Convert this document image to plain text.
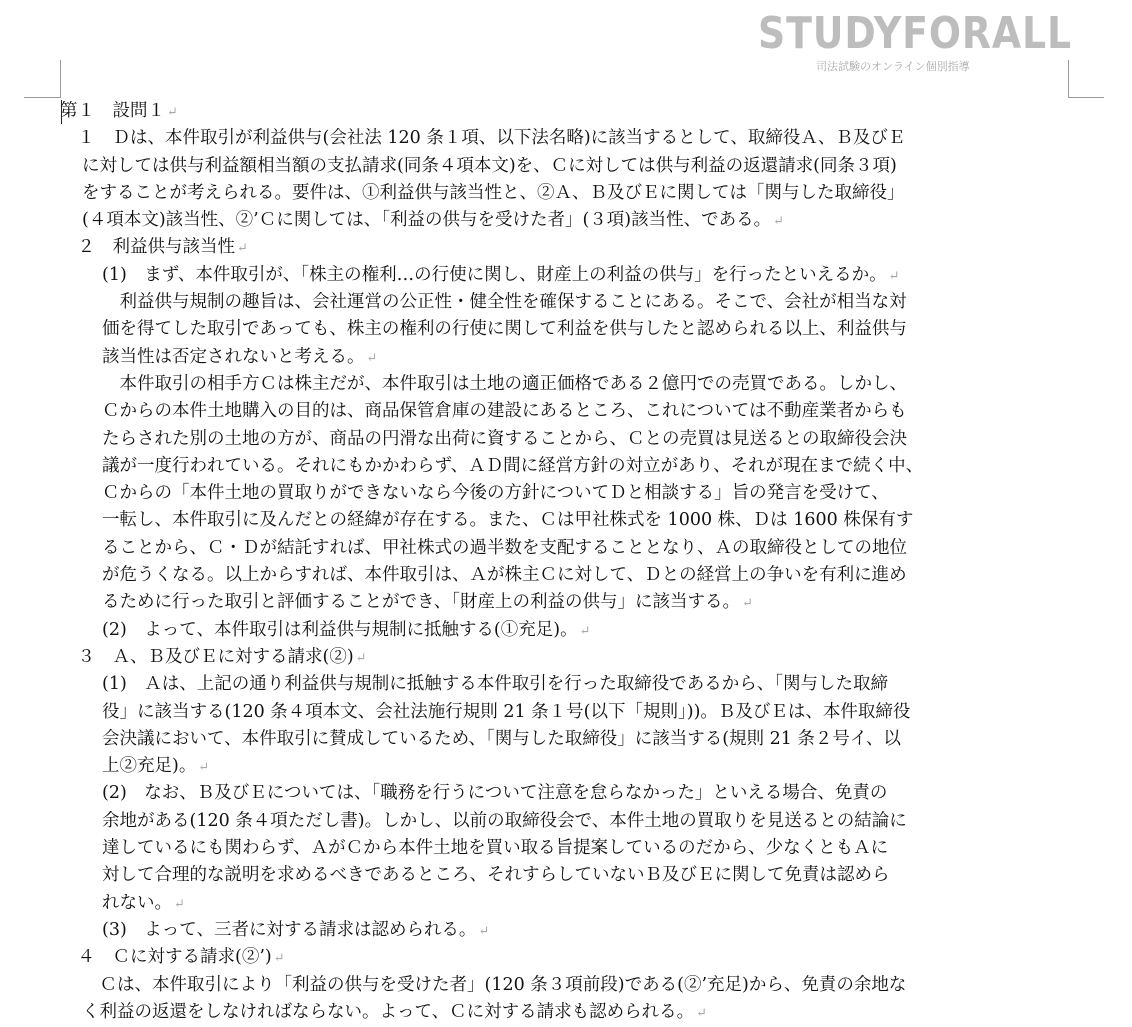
STUDYFORALL
司法試験のオンライン個別指導
第１　設問１ ↵
　１　Ｄは、本件取引が利益供与(会社法 120 条１項、以下法名略)に該当するとして、取締役Ａ、Ｂ及びＥ
に対しては供与利益額相当額の支払請求(同条４項本文)を、Ｃに対しては供与利益の返還請求(同条３項)
をすることが考えられる。要件は、①利益供与該当性と、②Ａ、Ｂ及びＥに関しては「関与した取締役」
(４項本文)該当性、②’Ｃに関しては、「利益の供与を受けた者」(３項)該当性、である。 ↵
　２　利益供与該当性 ↵
(1)　まず、本件取引が、「株主の権利…の行使に関し、財産上の利益の供与」を行ったといえるか。 ↵
　利益供与規制の趣旨は、会社運営の公正性・健全性を確保することにある。そこで、会社が相当な対
価を得てした取引であっても、株主の権利の行使に関して利益を供与したと認められる以上、利益供与
該当性は否定されないと考える。 ↵
　本件取引の相手方Ｃは株主だが、本件取引は土地の適正価格である２億円での売買である。しかし、
Ｃからの本件土地購入の目的は、商品保管倉庫の建設にあるところ、これについては不動産業者からも
たらされた別の土地の方が、商品の円滑な出荷に資することから、Ｃとの売買は見送るとの取締役会決
議が一度行われている。それにもかかわらず、ＡＤ間に経営方針の対立があり、それが現在まで続く中、
Ｃからの「本件土地の買取りができないなら今後の方針についてＤと相談する」旨の発言を受けて、
一転し、本件取引に及んだとの経緯が存在する。また、Ｃは甲社株式を 1000 株、Ｄは 1600 株保有す
ることから、Ｃ・Ｄが結託すれば、甲社株式の過半数を支配することとなり、Ａの取締役としての地位
が危うくなる。以上からすれば、本件取引は、Ａが株主Ｃに対して、Ｄとの経営上の争いを有利に進め
るために行った取引と評価することができ、「財産上の利益の供与」に該当する。 ↵
(2)　よって、本件取引は利益供与規制に抵触する(①充足)。 ↵
　３　Ａ、Ｂ及びＥに対する請求(②) ↵
(1)　Ａは、上記の通り利益供与規制に抵触する本件取引を行った取締役であるから、「関与した取締
役」に該当する(120 条４項本文、会社法施行規則 21 条１号(以下「規則」))。Ｂ及びＥは、本件取締役
会決議において、本件取引に賛成しているため、「関与した取締役」に該当する(規則 21 条２号イ、以
上②充足)。 ↵
(2)　なお、Ｂ及びＥについては、「職務を行うについて注意を怠らなかった」といえる場合、免責の
余地がある(120 条４項ただし書)。しかし、以前の取締役会で、本件土地の買取りを見送るとの結論に
達しているにも関わらず、ＡがＣから本件土地を買い取る旨提案しているのだから、少なくともＡに
対して合理的な説明を求めるべきであるところ、それすらしていないＢ及びＥに関して免責は認めら
れない。 ↵
(3)　よって、三者に対する請求は認められる。 ↵
　４　Ｃに対する請求(②’) ↵
　Ｃは、本件取引により「利益の供与を受けた者」(120 条３項前段)である(②’充足)から、免責の余地な
く利益の返還をしなければならない。よって、Ｃに対する請求も認められる。 ↵
